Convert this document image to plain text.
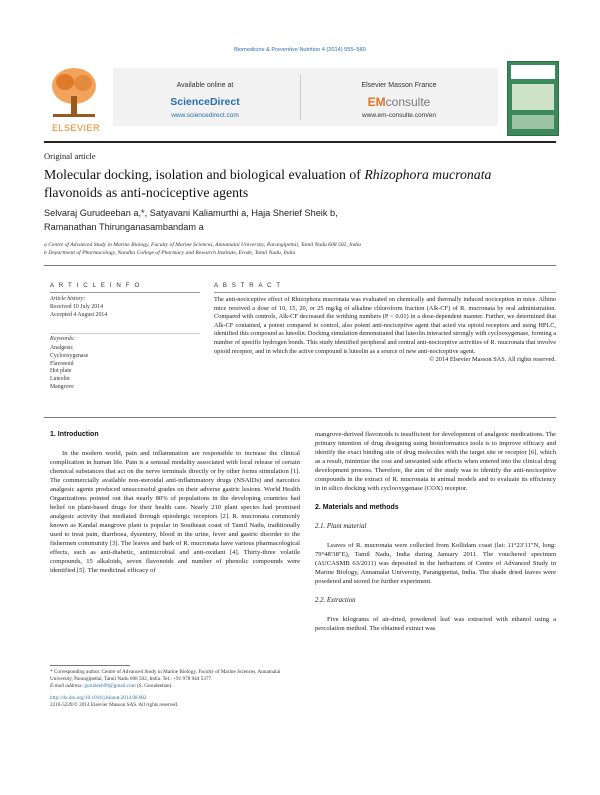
Biomedicine & Preventive Nutrition 4 (2014) 555–560
ELSEVIER
Available online at
ScienceDirect
www.sciencedirect.com
Elsevier Masson France
EMconsulte
www.em-consulte.com/en
Original article
Molecular docking, isolation and biological evaluation of Rhizophora mucronata flavonoids as anti-nociceptive agents
Selvaraj Gurudeeban a,*, Satyavani Kaliamurthi a, Haja Sherief Sheik b,
Ramanathan Thirunganasambandam a
a Centre of Advanced Study in Marine Biology, Faculty of Marine Sciences, Annamalai University, Parangipettai, Tamil Nadu 608 502, India
b Department of Pharmacology, Nandha College of Pharmacy and Research Institute, Erode, Tamil Nadu, India
A R T I C L E I N F O	A B S T R A C T
Article history:
Received 10 July 2014
Accepted 4 August 2014
Keywords:
Analgesic
Cyclooxygenase
Flavonoid
Hot plate
Luteolin
Mangrove
The anti-nociceptive effect of Rhizophora mucronata was evaluated on chemically and thermally induced nociception in mice. Albino mice received a dose of 10, 15, 20, or 25 mg/kg of alkaline chloroform fraction (Alk-CF) of R. mucronata by oral administration. Compared with controls, Alk-CF decreased the writhing numbers (P < 0.01) in a dose-dependent manner. Further, we determined that Alk-CF contained, a potent compared to control, also potent anti-nociceptive agent that acted via opioid receptors and using HPLC, identified this compound as luteolin. Docking simulation demonstrated that luteolin interacted strongly with cyclooxygenase, forming a number of specific hydrogen bonds. This study identified peripheral and central anti-nociceptive activities of R. mucronata that involve opioid receptor, and in which the active compound is luteolin as a source of new anti-nociceptive agent.
© 2014 Elsevier Masson SAS. All rights reserved.
1. Introduction
In the modern world, pain and inflammation are responsible to increase the clinical complication in human life. Pain is a sensual modality associated with local release of certain chemical substances that act on the nerve terminals directly or by other forms stimulation [1]. The commercially available non-steroidal anti-inflammatory drugs (NSAIDs) and narcotics analgesic agents produced unsuccessful grades on their adverse gastric lesions. World Health Organizations pointed out that nearly 80% of populations in the developing countries had belief on plant-based drugs for their health care. Nearly 210 plant species had promised analgesic activity that mediated through opiodergic receptors [2]. R. mucronata commonly known as Kandal mangrove plant is popular in Southeast coast of Tamil Nadu, traditionally used to treat pain, diarrhoea, dysentery, blood in the urine, fever and gastric disorder to the fishermen community [3]. The leaves and bark of R. mucronata have various pharmacological effects, such as anti-diabetic, antimicrobial and anti-oxidant [4]. Thirty-three volatile compounds, 15 alkaloids, seven flavonoids and number of phenolic compounds were identified [5]. The medicinal efficacy of
mangrove-derived flavonoids is insufficient for development of analgesic medications. The primary intention of drug designing using bioinformatics tools is to improve efficacy and identify the exact binding site of drug molecules with the target site or receptor [6], which as a result, minimize the cost and unwanted side effects when entered into the clinical drug development process. Therefore, the aim of the study was to identify the anti-nociceptive compounds in the extract of R. mucronata in animal models and to evaluate its efficiency in in silico docking with cyclooxygenase (COX) receptor.
2. Materials and methods
2.1. Plant material
Leaves of R. mucronata were collected from Kollidam coast (lat: 11°23′11″N, long: 79°48′38″E), Tamil Nadu, India during January 2011. The vouchered specimen (AUCASMB 63/2011) was deposited in the herbarium of Centre of Advanced Study in Marine Biology, Annamalai University, Parangipettai, India. The shade dried leaves were powdered and stored for further experiment.
2.2. Extraction
Five kilograms of air-dried, powdered leaf was extracted with ethanol using a percolation method. The obtained extract was
* Corresponding author. Centre of Advanced Study in Marine Biology, Faculty of Marine Sciences, Annamalai University, Parangipettai, Tamil Nadu 608 502, India. Tel.: +91 978 944 5377.
E-mail address: gurudeeb99@gmail.com (S. Gurudeeban).
http://dx.doi.org/10.1016/j.bionut.2014.08.002
2210-5239/© 2014 Elsevier Masson SAS. All rights reserved.
